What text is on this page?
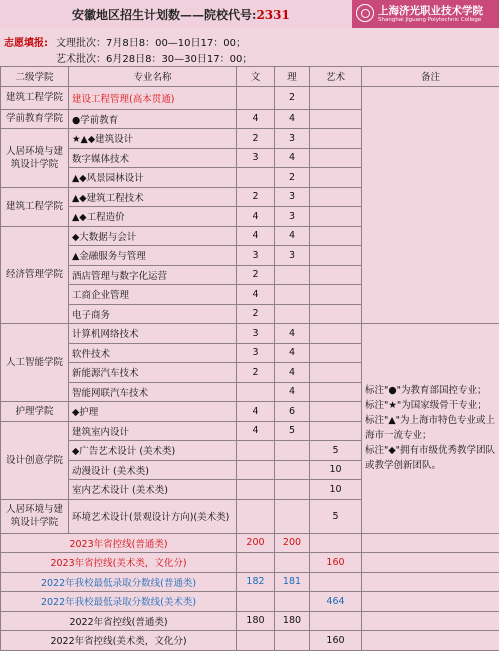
安徽地区招生计划数——院校代号:2331	上海济光职业技术学院
Shanghai Jiguang Polytechnic College
志愿填报: 文理批次：7月8日8：00—10日17：00；
艺术批次：6月28日8：30—30日17：00；
二级学院	专业名称	文	理	艺术	备注
建筑工程学院	建设工程管理(高本贯通)		2		
学前教育学院	●学前教育	4	4		
人居环境与建筑设计学院	★▲◆建筑设计	2	3		
	数字媒体技术	3	4		
	▲◆风景园林设计		2		
建筑工程学院	▲◆建筑工程技术	2	3		
	▲◆工程造价	4	3		
经济管理学院	◆大数据与会计	4	4		
	▲金融服务与管理	3	3		
	酒店管理与数字化运营	2			
	工商企业管理	4			
	电子商务	2			
人工智能学院	计算机网络技术	3	4		标注"●"为教育部国控专业；
标注"★"为国家级骨干专业；
标注"▲"为上海市特色专业或上海市一流专业；
标注"◆"拥有市级优秀教学团队或教学创新团队。

	软件技术	3	4		
	新能源汽车技术	2	4		
	智能网联汽车技术		4		
护理学院	◆护理	4	6		
设计创意学院	建筑室内设计	4	5		
	◆广告艺术设计 (美术类)			5	
	动漫设计 (美术类)			10	
	室内艺术设计 (美术类)			10	
人居环境与建筑设计学院	环境艺术设计(景观设计方向)(美术类)			5	
2023年省控线(普通类)		200	200		
2023年省控线(美术类，文化分)				160	
2022年我校最低录取分数线(普通类)		182	181		
2022年我校最低录取分数线(美术类)				464	
2022年省控线(普通类)		180	180		
2022年省控线(美术类，文化分)				160	
